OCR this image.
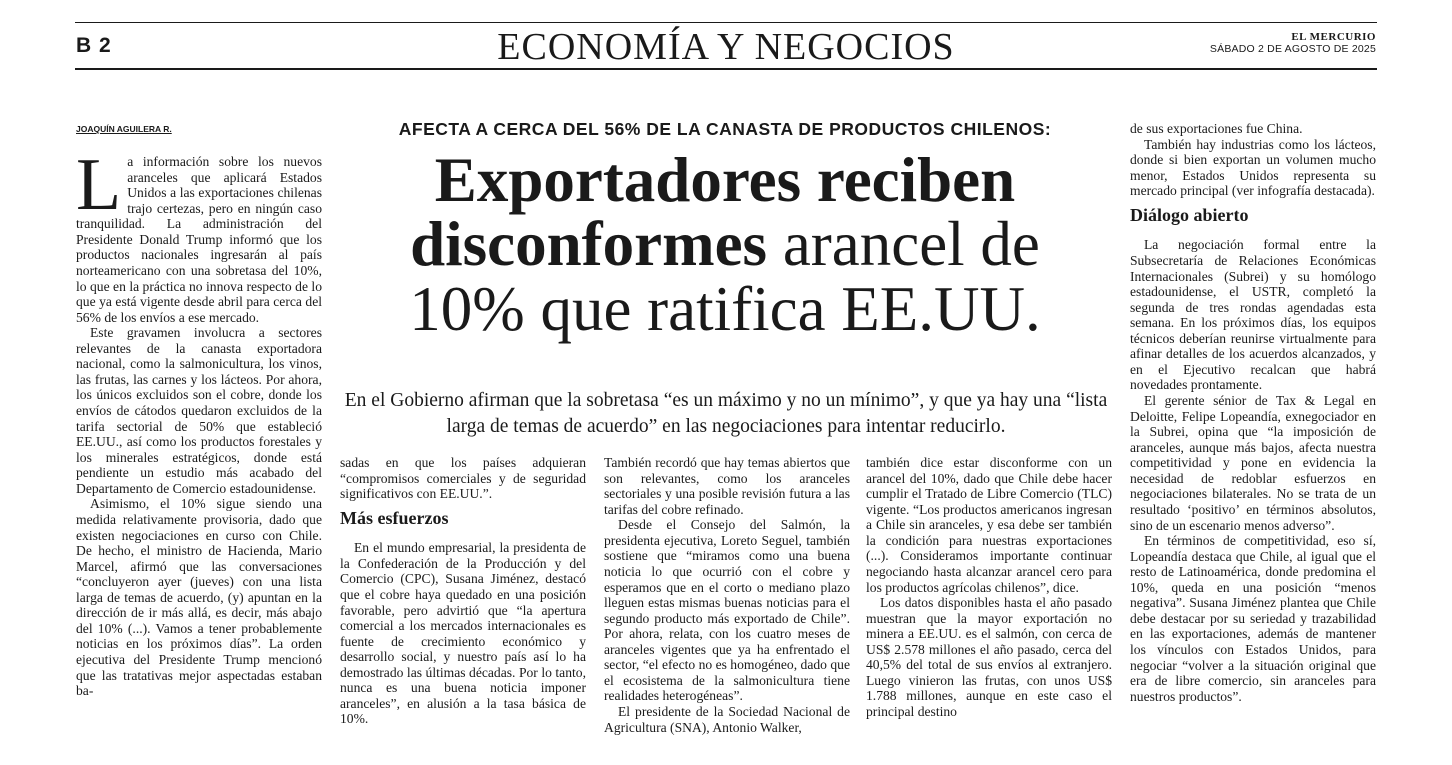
B 2	ECONOMÍA Y NEGOCIOS	EL MERCURIO
SÁBADO 2 DE AGOSTO DE 2025
JOAQUÍN AGUILERA R.	AFECTA A CERCA DEL 56% DE LA CANASTA DE PRODUCTOS CHILENOS:
Exportadores reciben
disconformes arancel de
10% que ratifica EE.UU.
En el Gobierno afirman que la sobretasa “es un máximo y no un mínimo”, y que ya hay una “lista larga de temas de acuerdo” en las negociaciones para intentar reducirlo.

La información sobre los nuevos aranceles que aplicará Estados Unidos a las exportaciones chilenas trajo certezas, pero en ningún caso tranquilidad. La administración del Presidente Donald Trump informó que los productos nacionales ingresarán al país norteamericano con una sobretasa del 10%, lo que en la práctica no innova respecto de lo que ya está vigente desde abril para cerca del 56% de los envíos a ese mercado.

Este gravamen involucra a sectores relevantes de la canasta exportadora nacional, como la salmonicultura, los vinos, las frutas, las carnes y los lácteos. Por ahora, los únicos excluidos son el cobre, donde los envíos de cátodos quedaron excluidos de la tarifa sectorial de 50% que estableció EE.UU., así como los productos forestales y los minerales estratégicos, donde está pendiente un estudio más acabado del Departamento de Comercio estadounidense.

Asimismo, el 10% sigue siendo una medida relativamente provisoria, dado que existen negociaciones en curso con Chile. De hecho, el ministro de Hacienda, Mario Marcel, afirmó que las conversaciones “concluyeron ayer (jueves) con una lista larga de temas de acuerdo, (y) apuntan en la dirección de ir más allá, es decir, más abajo del 10% (...). Vamos a tener probablemente noticias en los próximos días”. La orden ejecutiva del Presidente Trump mencionó que las tratativas mejor aspectadas estaban ba-

sadas en que los países adquieran “compromisos comerciales y de seguridad significativos con EE.UU.”.

Más esfuerzos

En el mundo empresarial, la presidenta de la Confederación de la Producción y del Comercio (CPC), Susana Jiménez, destacó que el cobre haya quedado en una posición favorable, pero advirtió que “la apertura comercial a los mercados internacionales es fuente de crecimiento económico y desarrollo social, y nuestro país así lo ha demostrado las últimas décadas. Por lo tanto, nunca es una buena noticia imponer aranceles”, en alusión a la tasa básica de 10%.

También recordó que hay temas abiertos que son relevantes, como los aranceles sectoriales y una posible revisión futura a las tarifas del cobre refinado.

Desde el Consejo del Salmón, la presidenta ejecutiva, Loreto Seguel, también sostiene que “miramos como una buena noticia lo que ocurrió con el cobre y esperamos que en el corto o mediano plazo lleguen estas mismas buenas noticias para el segundo producto más exportado de Chile”. Por ahora, relata, con los cuatro meses de aranceles vigentes que ya ha enfrentado el sector, “el efecto no es homogéneo, dado que el ecosistema de la salmonicultura tiene realidades heterogéneas”.

El presidente de la Sociedad Nacional de Agricultura (SNA), Antonio Walker,

también dice estar disconforme con un arancel del 10%, dado que Chile debe hacer cumplir el Tratado de Libre Comercio (TLC) vigente. “Los productos americanos ingresan a Chile sin aranceles, y esa debe ser también la condición para nuestras exportaciones (...). Consideramos importante continuar negociando hasta alcanzar arancel cero para los productos agrícolas chilenos”, dice.

Los datos disponibles hasta el año pasado muestran que la mayor exportación no minera a EE.UU. es el salmón, con cerca de US$ 2.578 millones el año pasado, cerca del 40,5% del total de sus envíos al extranjero. Luego vinieron las frutas, con unos US$ 1.788 millones, aunque en este caso el principal destino

de sus exportaciones fue China.

También hay industrias como los lácteos, donde si bien exportan un volumen mucho menor, Estados Unidos representa su mercado principal (ver infografía destacada).

Diálogo abierto

La negociación formal entre la Subsecretaría de Relaciones Económicas Internacionales (Subrei) y su homólogo estadounidense, el USTR, completó la segunda de tres rondas agendadas esta semana. En los próximos días, los equipos técnicos deberían reunirse virtualmente para afinar detalles de los acuerdos alcanzados, y en el Ejecutivo recalcan que habrá novedades prontamente.

El gerente sénior de Tax & Legal en Deloitte, Felipe Lopeandía, exnegociador en la Subrei, opina que “la imposición de aranceles, aunque más bajos, afecta nuestra competitividad y pone en evidencia la necesidad de redoblar esfuerzos en negociaciones bilaterales. No se trata de un resultado ‘positivo’ en términos absolutos, sino de un escenario menos adverso”.

En términos de competitividad, eso sí, Lopeandía destaca que Chile, al igual que el resto de Latinoamérica, donde predomina el 10%, queda en una posición “menos negativa”. Susana Jiménez plantea que Chile debe destacar por su seriedad y trazabilidad en las exportaciones, además de mantener los vínculos con Estados Unidos, para negociar “volver a la situación original que era de libre comercio, sin aranceles para nuestros productos”.
